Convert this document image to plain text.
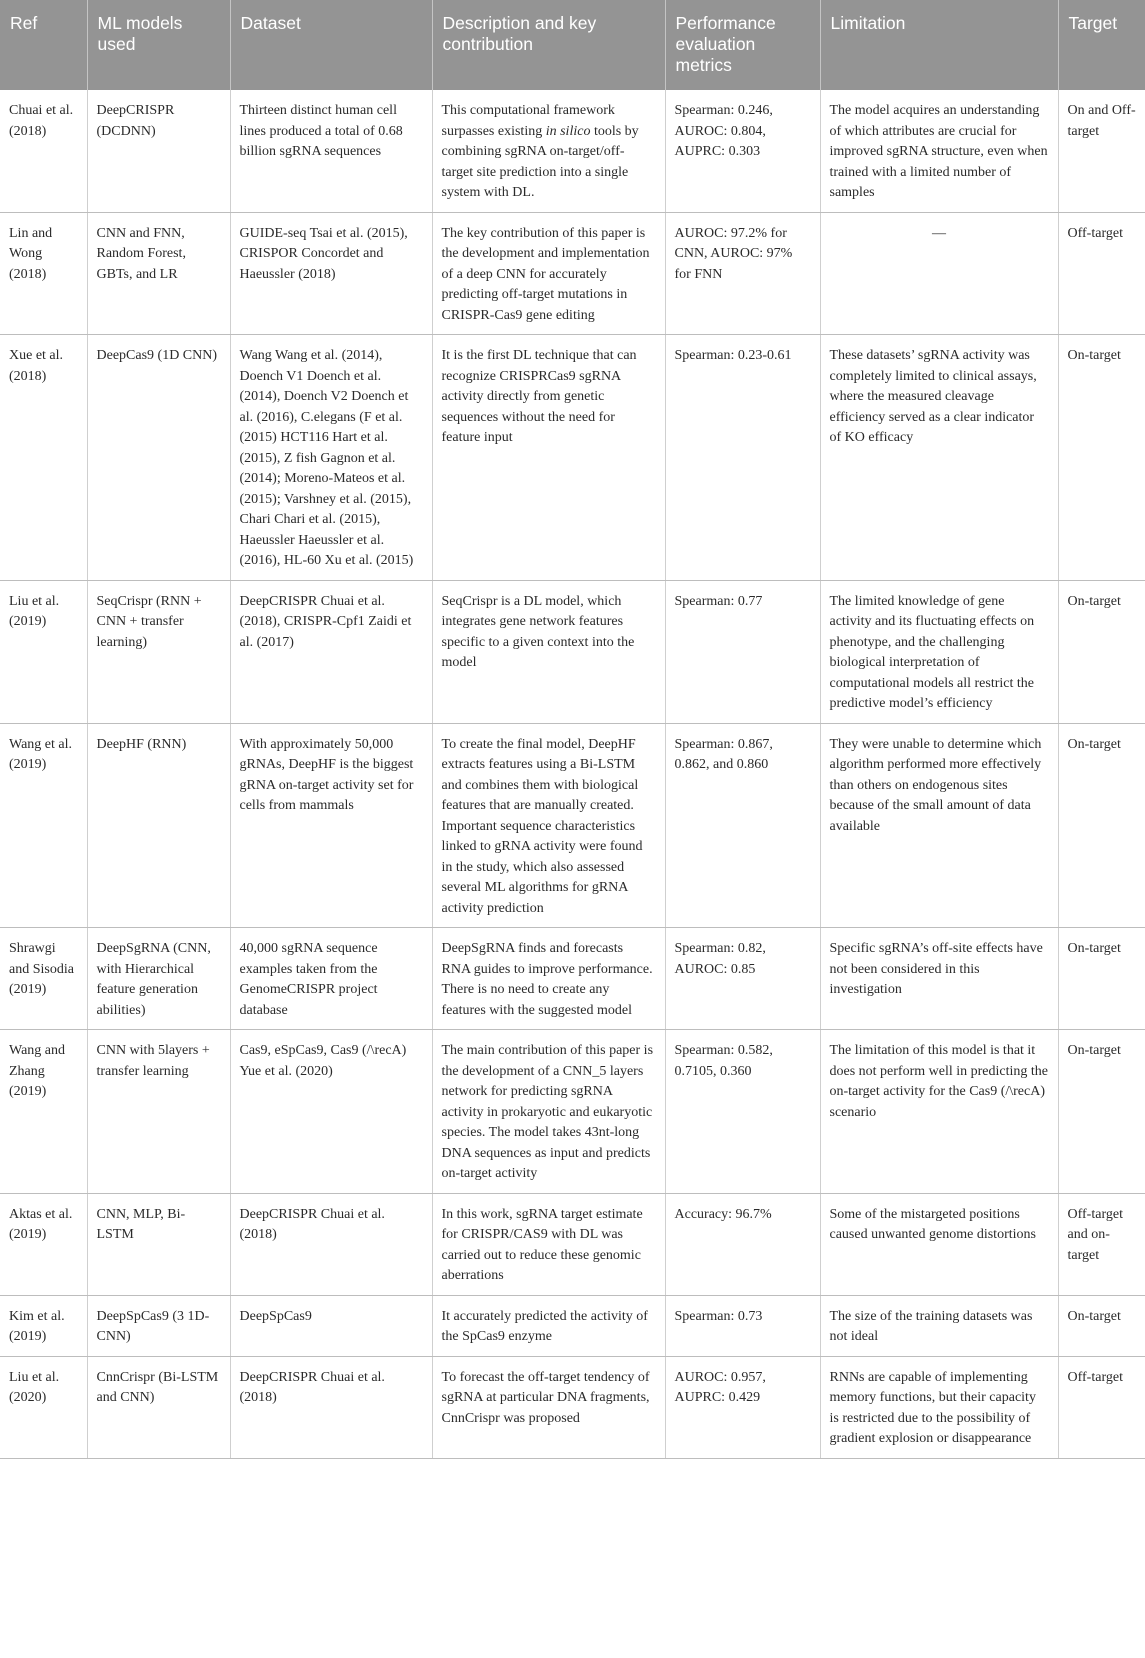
Ref	ML models used	Dataset	Description and key contribution	Performance evaluation metrics	Limitation	Target
Chuai et al. (2018)	DeepCRISPR (DCDNN)	Thirteen distinct human cell lines produced a total of 0.68 billion sgRNA sequences	This computational framework surpasses existing in silico tools by combining sgRNA on-target/off-target site prediction into a single system with DL.	Spearman: 0.246, AUROC: 0.804, AUPRC: 0.303	The model acquires an understanding of which attributes are crucial for improved sgRNA structure, even when trained with a limited number of samples	On and Off-target
Lin and Wong (2018)	CNN and FNN, Random Forest, GBTs, and LR	GUIDE-seq Tsai et al. (2015), CRISPOR Concordet and Haeussler (2018)	The key contribution of this paper is the development and implementation of a deep CNN for accurately predicting off-target mutations in CRISPR-Cas9 gene editing	AUROC: 97.2% for CNN, AUROC: 97% for FNN	—	Off-target
Xue et al. (2018)	DeepCas9 (1D CNN)	Wang Wang et al. (2014), Doench V1 Doench et al. (2014), Doench V2 Doench et al. (2016), C.elegans (F et al. (2015) HCT116 Hart et al. (2015), Z fish Gagnon et al. (2014); Moreno-Mateos et al. (2015); Varshney et al. (2015), Chari Chari et al. (2015), Haeussler Haeussler et al. (2016), HL-60 Xu et al. (2015)	It is the first DL technique that can recognize CRISPRCas9 sgRNA activity directly from genetic sequences without the need for feature input	Spearman: 0.23-0.61	These datasets’ sgRNA activity was completely limited to clinical assays, where the measured cleavage efficiency served as a clear indicator of KO efficacy	On-target
Liu et al. (2019)	SeqCrispr (RNN + CNN + transfer learning)	DeepCRISPR Chuai et al. (2018), CRISPR-Cpf1 Zaidi et al. (2017)	SeqCrispr is a DL model, which integrates gene network features specific to a given context into the model	Spearman: 0.77	The limited knowledge of gene activity and its fluctuating effects on phenotype, and the challenging biological interpretation of computational models all restrict the predictive model’s efficiency	On-target
Wang et al. (2019)	DeepHF (RNN)	With approximately 50,000 gRNAs, DeepHF is the biggest gRNA on-target activity set for cells from mammals	To create the final model, DeepHF extracts features using a Bi-LSTM and combines them with biological features that are manually created. Important sequence characteristics linked to gRNA activity were found in the study, which also assessed several ML algorithms for gRNA activity prediction	Spearman: 0.867, 0.862, and 0.860	They were unable to determine which algorithm performed more effectively than others on endogenous sites because of the small amount of data available	On-target
Shrawgi and Sisodia (2019)	DeepSgRNA (CNN, with Hierarchical feature generation abilities)	40,000 sgRNA sequence examples taken from the GenomeCRISPR project database	DeepSgRNA finds and forecasts RNA guides to improve performance. There is no need to create any features with the suggested model	Spearman: 0.82, AUROC: 0.85	Specific sgRNA’s off-site effects have not been considered in this investigation	On-target
Wang and Zhang (2019)	CNN with 5layers + transfer learning	Cas9, eSpCas9, Cas9 (/\recA) Yue et al. (2020)	The main contribution of this paper is the development of a CNN_5 layers network for predicting sgRNA activity in prokaryotic and eukaryotic species. The model takes 43nt-long DNA sequences as input and predicts on-target activity	Spearman: 0.582, 0.7105, 0.360	The limitation of this model is that it does not perform well in predicting the on-target activity for the Cas9 (/\recA) scenario	On-target
Aktas et al. (2019)	CNN, MLP, Bi-LSTM	DeepCRISPR Chuai et al. (2018)	In this work, sgRNA target estimate for CRISPR/CAS9 with DL was carried out to reduce these genomic aberrations	Accuracy: 96.7%	Some of the mistargeted positions caused unwanted genome distortions	Off-target and on-target
Kim et al. (2019)	DeepSpCas9 (3 1D-CNN)	DeepSpCas9	It accurately predicted the activity of the SpCas9 enzyme	Spearman: 0.73	The size of the training datasets was not ideal	On-target
Liu et al. (2020)	CnnCrispr (Bi-LSTM and CNN)	DeepCRISPR Chuai et al. (2018)	To forecast the off-target tendency of sgRNA at particular DNA fragments, CnnCrispr was proposed	AUROC: 0.957, AUPRC: 0.429	RNNs are capable of implementing memory functions, but their capacity is restricted due to the possibility of gradient explosion or disappearance	Off-target
